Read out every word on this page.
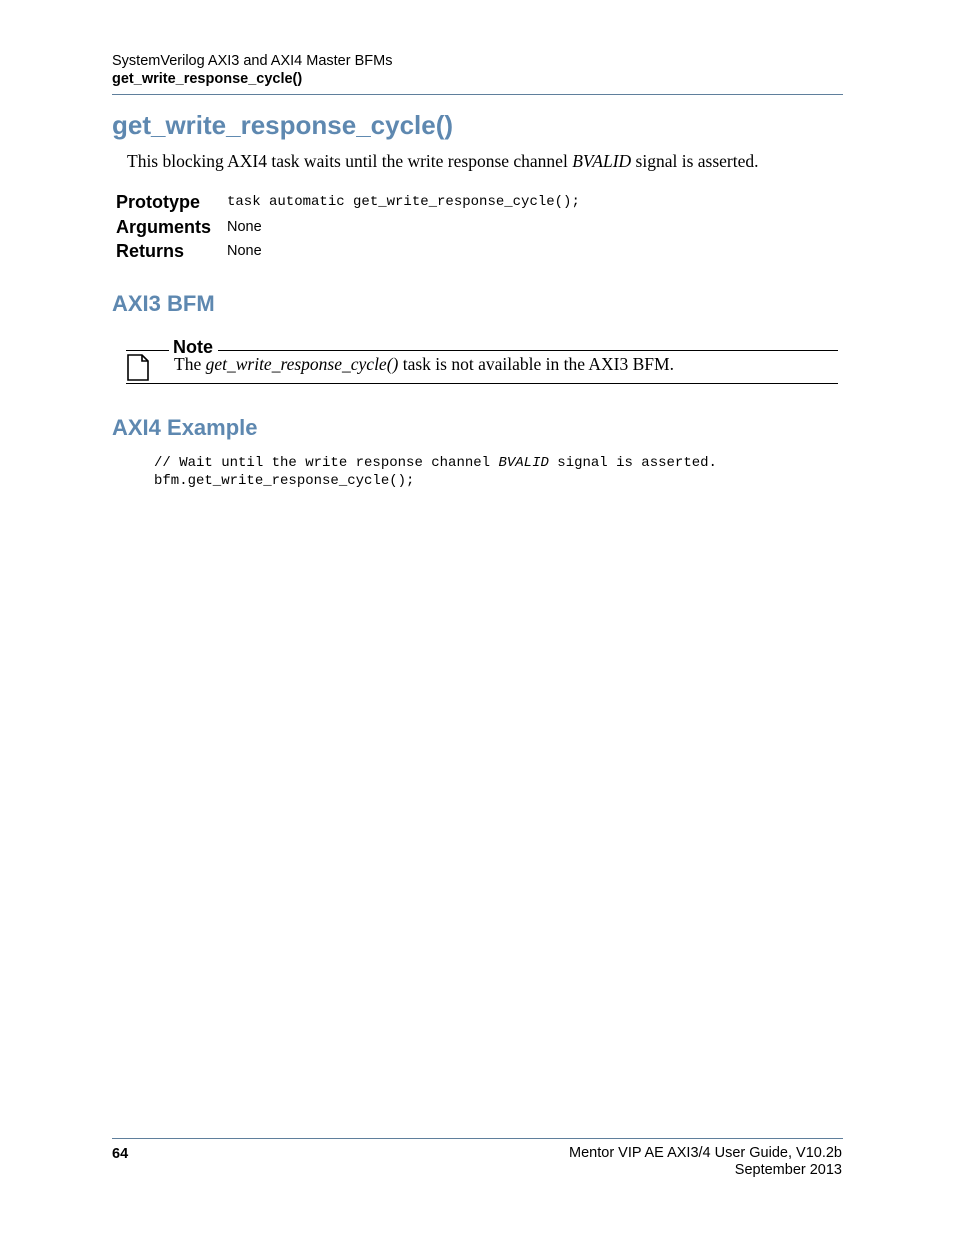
SystemVerilog AXI3 and AXI4 Master BFMs
get_write_response_cycle()
get_write_response_cycle()
This blocking AXI4 task waits until the write response channel BVALID signal is asserted.
Prototype task automatic get_write_response_cycle();
Arguments None
Returns	None
AXI3 BFM
Note
The get_write_response_cycle() task is not available in the AXI3 BFM.
AXI4 Example
// Wait until the write response channel BVALID signal is asserted.
bfm.get_write_response_cycle();
64	Mentor VIP AE AXI3/4 User Guide, V10.2b
September 2013
